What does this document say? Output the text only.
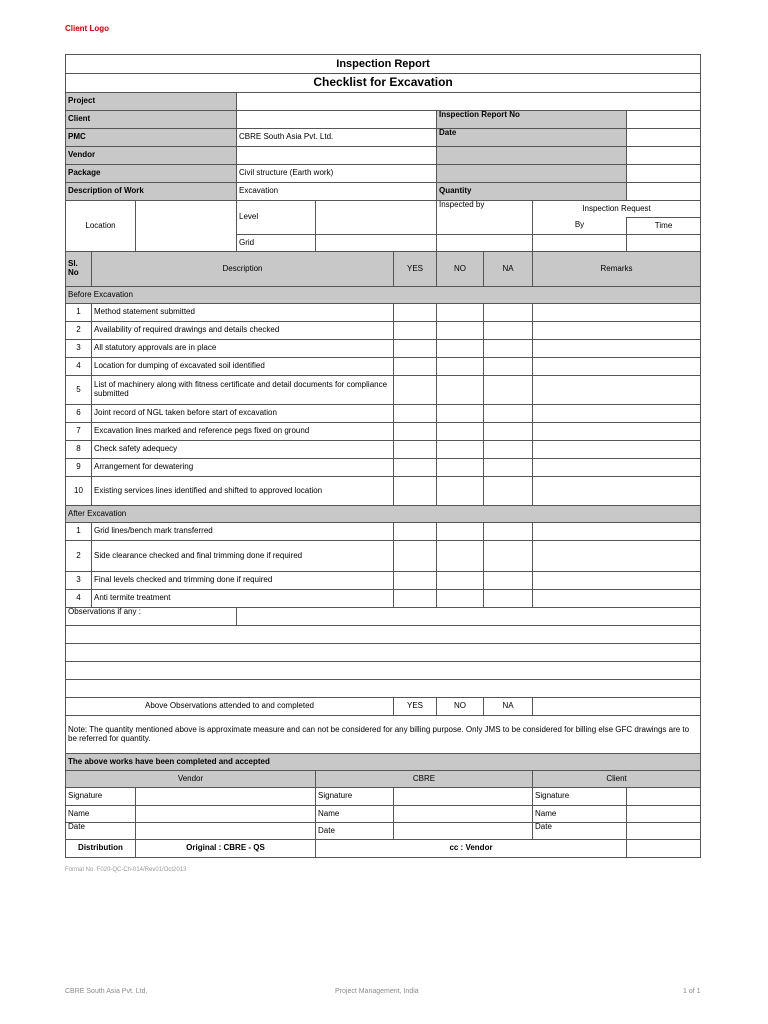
Client Logo
Inspection Report									
Checklist for Excavation									
Project									
Client						Inspection Report No			
PMC			CBRE South Asia Pvt. Ltd.			Date			
Vendor									
Package			Civil structure (Earth work)						
Description of Work			Excavation			Quantity			
Location			Level			Inspected by		Inspection Request	
								By	Time
			Grid						
Sl. No	Description				YES	NO	NA	Remarks	
Before Excavation									
1	Method statement submitted								
2	Availability of required drawings and details checked								
3	All statutory approvals are in place								
4	Location for dumping of excavated soil identified								
5	List of machinery along with fitness certificate and detail documents for compliance submitted								
6	Joint record of NGL taken before start of excavation								
7	Excavation lines marked and reference pegs fixed on ground								
8	Check safety adequecy								
9	Arrangement for dewatering								
10	Existing services lines identified and shifted to approved location								
After Excavation									
1	Grid lines/bench mark transferred								
2	Side clearance checked and final trimming done if required								
3	Final levels checked and trimming done if required								
4	Anti termite treatment								
Observations if any :									

Above Observations attended to and completed					YES	NO	NA		
Note: The quantity mentioned above is approximate measure and can not be considered for any billing purpose. Only JMS to be considered for billing else GFC drawings are to be referred for quantity.									
The above works have been completed and accepted									
Vendor				CBRE				Client	
Signature				Signature				Signature	
Name				Name				Name	
Date				Date				Date	
Distribution		Original : CBRE - QS		cc : Vendor					
Format No. F020-QC-Ch-014/Rev01/Oct2013
CBRE South Asia Pvt. Ltd.	Project Management, India	1 of 1
